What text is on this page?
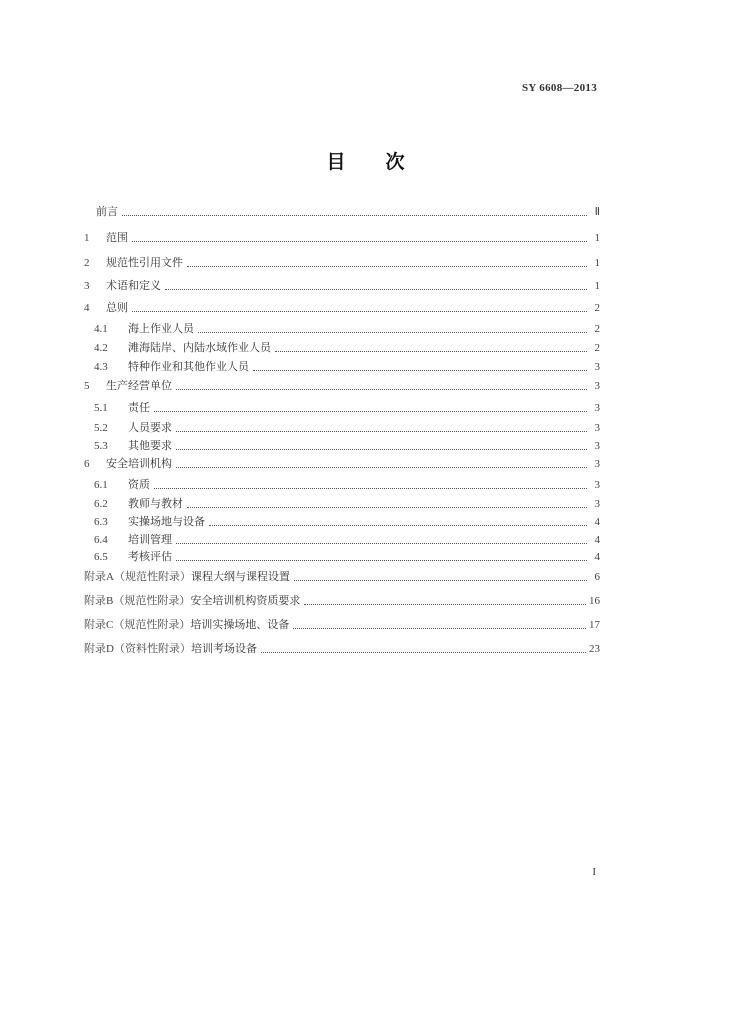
SY 6608—2013
目 次
前言	Ⅱ
1	范围	1
2	规范性引用文件	1
3	术语和定义	1
4	总则	2
4.1	海上作业人员	2
4.2	滩海陆岸、内陆水域作业人员	2
4.3	特种作业和其他作业人员	3
5	生产经营单位	3
5.1	责任	3
5.2	人员要求	3
5.3	其他要求	3
6	安全培训机构	3
6.1	资质	3
6.2	教师与教材	3
6.3	实操场地与设备	4
6.4	培训管理	4
6.5	考核评估	4
附录A（规范性附录） 课程大纲与课程设置	6
附录B（规范性附录） 安全培训机构资质要求	16
附录C（规范性附录） 培训实操场地、设备	17
附录D（资料性附录） 培训考场设备	23
I
